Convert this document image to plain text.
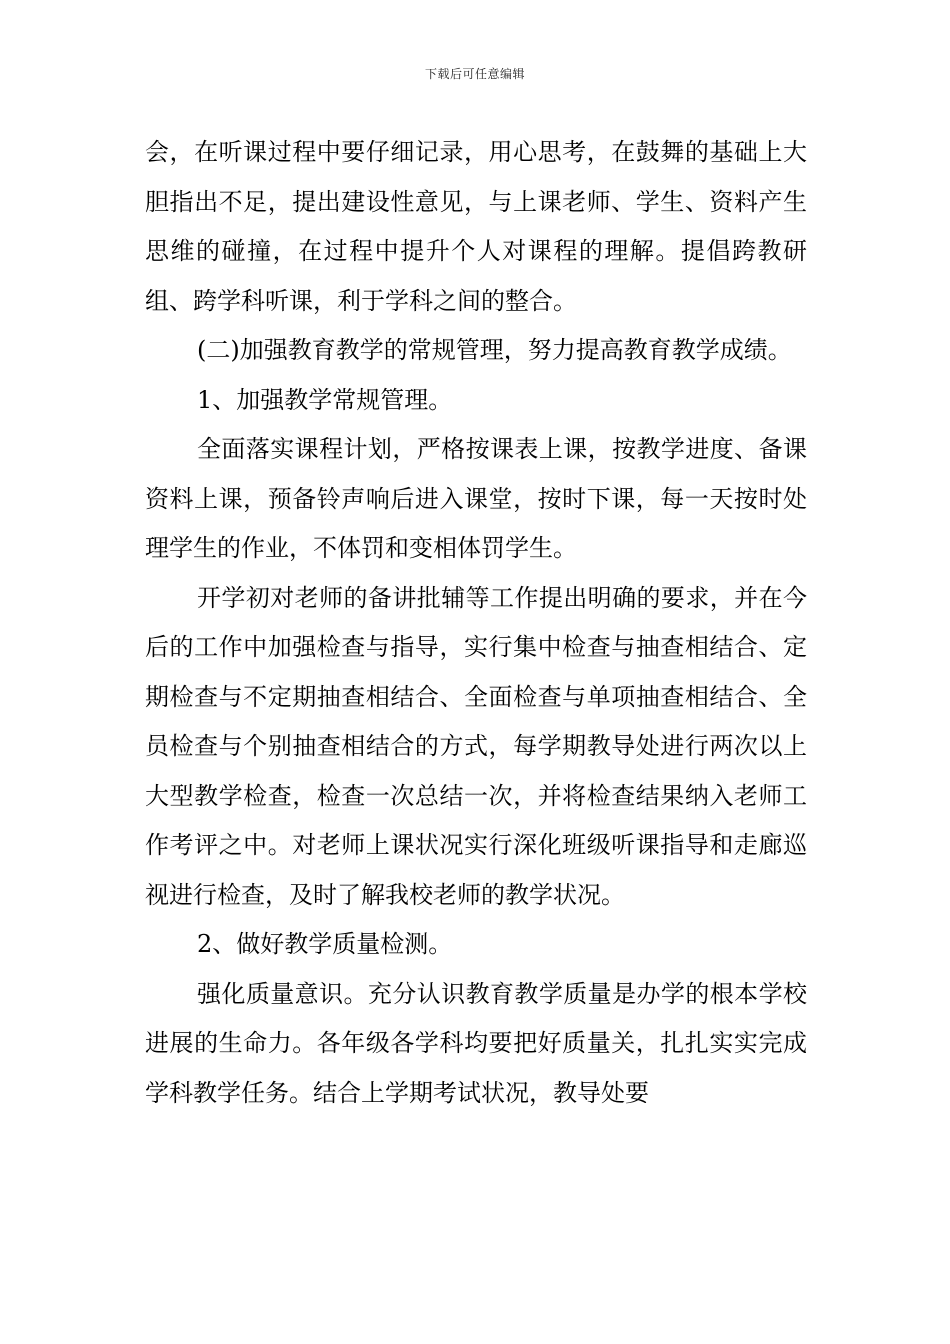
下载后可任意编辑

会，在听课过程中要仔细记录，用心思考，在鼓舞的基础上大胆指出不足，提出建设性意见，与上课老师、学生、资料产生思维的碰撞，在过程中提升个人对课程的理解。提倡跨教研组、跨学科听课，利于学科之间的整合。

(二)加强教育教学的常规管理，努力提高教育教学成绩。

1、加强教学常规管理。

全面落实课程计划，严格按课表上课，按教学进度、备课资料上课，预备铃声响后进入课堂，按时下课，每一天按时处理学生的作业，不体罚和变相体罚学生。

开学初对老师的备讲批辅等工作提出明确的要求，并在今后的工作中加强检查与指导，实行集中检查与抽查相结合、定期检查与不定期抽查相结合、全面检查与单项抽查相结合、全员检查与个别抽查相结合的方式，每学期教导处进行两次以上大型教学检查，检查一次总结一次，并将检查结果纳入老师工作考评之中。对老师上课状况实行深化班级听课指导和走廊巡视进行检查，及时了解我校老师的教学状况。

2、做好教学质量检测。

强化质量意识。充分认识教育教学质量是办学的根本学校进展的生命力。各年级各学科均要把好质量关，扎扎实实完成学科教学任务。结合上学期考试状况，教导处要
